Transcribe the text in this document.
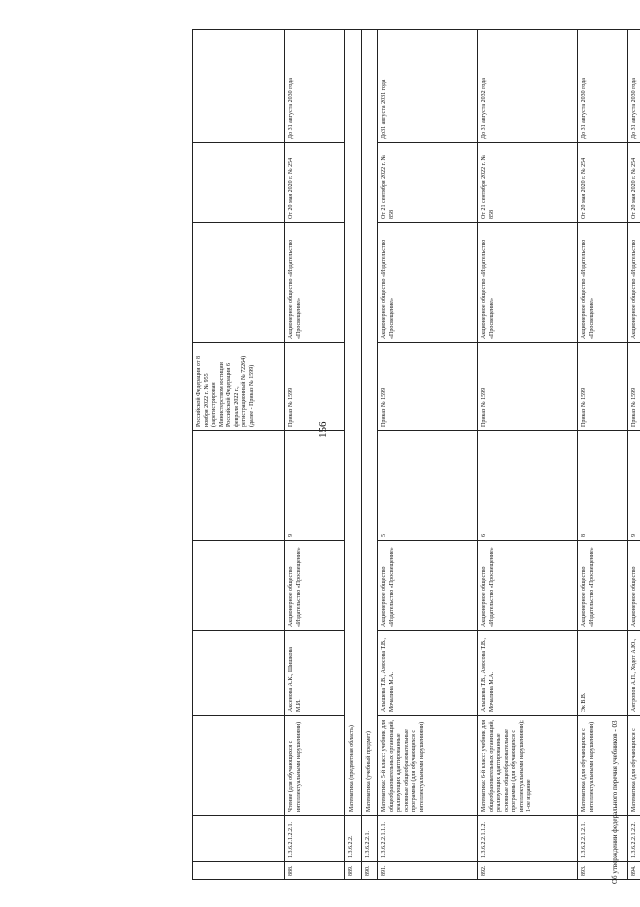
156
						Российской Федерации от 8 ноября 2022 г. № 955 (зарегистрирован Министерством юстиции Российской Федерации 6 февраля 2022 г., регистрационный № 72264) (далее - Приказ № 1599)			
888.	1.3.6.2.1.2.2.1.	Чтение (для обучающихся с интеллектуальными нарушениями)	Аксенова А.К., Шишкова М.И.	Акционерное общество «Издательство «Просвещение»	9	Приказ № 1599	Акционерное общество «Издательство «Просвещение»	От 20 мая 2020 г. № 254	До 31 августа 2030 года
889.	1.3.6.2.2.	Математика (предметная область)							
890.	1.3.6.2.2.1.	Математика (учебный предмет)							
891.	1.3.6.2.2.1.1.1.	Математика: 5-й класс: учебник для общеобразовательных организаций, реализующих адаптированные основные общеобразовательные программы (для обучающихся с интеллектуальными нарушениями)	Алышева Т.В., Амосова Т.В., Мочалина М.А.	Акционерное общество «Издательство «Просвещение»	5	Приказ № 1599	Акционерное общество «Издательство «Просвещение»	От 21 сентября 2022 г. № 858	До31 августа 2031 года
892.	1.3.6.2.2.1.1.2.	Математика: 6-й класс: учебник для общеобразовательных организаций, реализующих адаптированные основные общеобразовательные программы (для обучающихся с интеллектуальными нарушениями); 1-ое издание	Алышева Т.В., Амосова Т.В., Мочалина М.А.	Акционерное общество «Издательство «Просвещение»	6	Приказ № 1599	Акционерное общество «Издательство «Просвещение»	От 21 сентября 2022 г. № 858	До 31 августа 2032 года
893.	1.3.6.2.2.1.2.1.	Математика (для обучающихся с интеллектуальными нарушениями)	Эк В.В.	Акционерное общество «Издательство «Просвещение»	8	Приказ № 1599	Акционерное общество «Издательство «Просвещение»	От 20 мая 2020 г. № 254	До 31 августа 2030 года
894.	1.3.6.2.2.1.2.2.	Математика (для обучающихся с	Антропов А.П., Ходот А.Ю.,	Акционерное общество	9	Приказ № 1599	Акционерное общество «Издательство	От 20 мая 2020 г. № 254	До 31 августа 2030 года
Об утверждении федерального перечня учебников - 03
